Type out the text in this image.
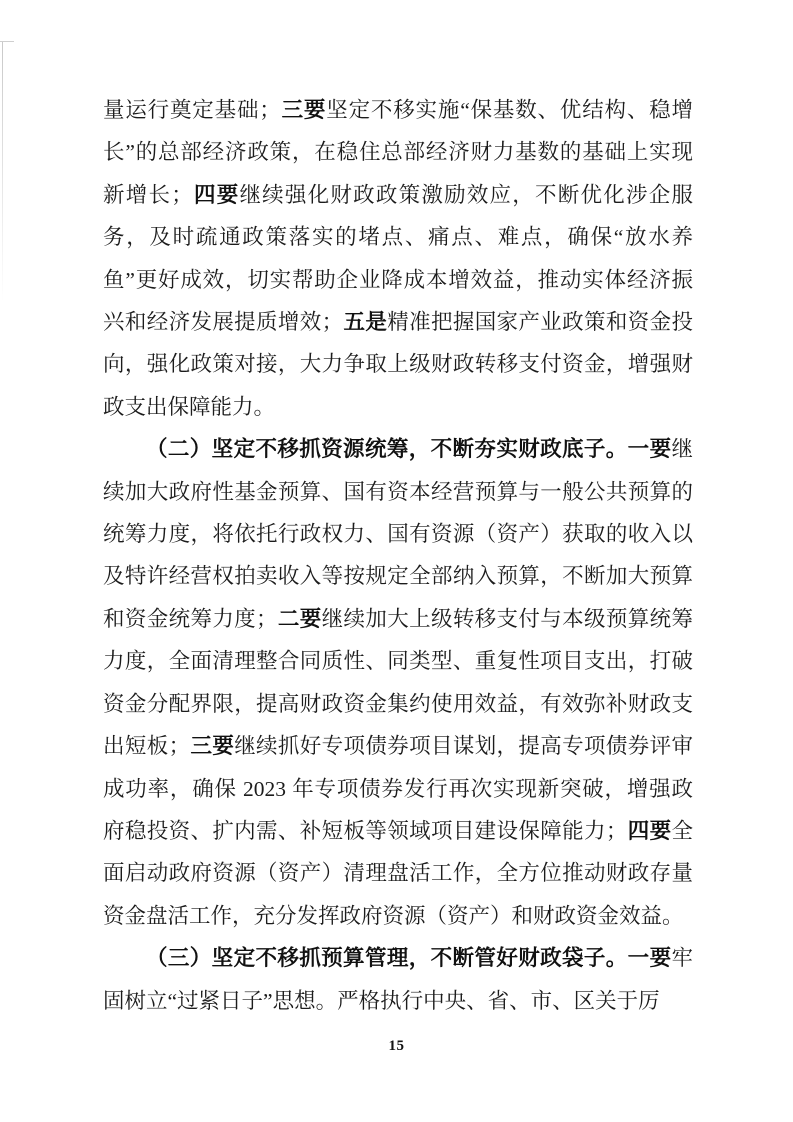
量运行奠定基础；三要坚定不移实施“保基数、优结构、稳增长”的总部经济政策，在稳住总部经济财力基数的基础上实现新增长；四要继续强化财政政策激励效应，不断优化涉企服务，及时疏通政策落实的堵点、痛点、难点，确保“放水养鱼”更好成效，切实帮助企业降成本增效益，推动实体经济振兴和经济发展提质增效；五是精准把握国家产业政策和资金投向，强化政策对接，大力争取上级财政转移支付资金，增强财政支出保障能力。

（二）坚定不移抓资源统筹，不断夯实财政底子。一要继续加大政府性基金预算、国有资本经营预算与一般公共预算的统筹力度，将依托行政权力、国有资源（资产）获取的收入以及特许经营权拍卖收入等按规定全部纳入预算，不断加大预算和资金统筹力度；二要继续加大上级转移支付与本级预算统筹力度，全面清理整合同质性、同类型、重复性项目支出，打破资金分配界限，提高财政资金集约使用效益，有效弥补财政支出短板；三要继续抓好专项债券项目谋划，提高专项债券评审成功率，确保 2023 年专项债券发行再次实现新突破，增强政府稳投资、扩内需、补短板等领域项目建设保障能力；四要全面启动政府资源（资产）清理盘活工作，全方位推动财政存量资金盘活工作，充分发挥政府资源（资产）和财政资金效益。

（三）坚定不移抓预算管理，不断管好财政袋子。一要牢固树立“过紧日子”思想。严格执行中央、省、市、区关于厉

15
